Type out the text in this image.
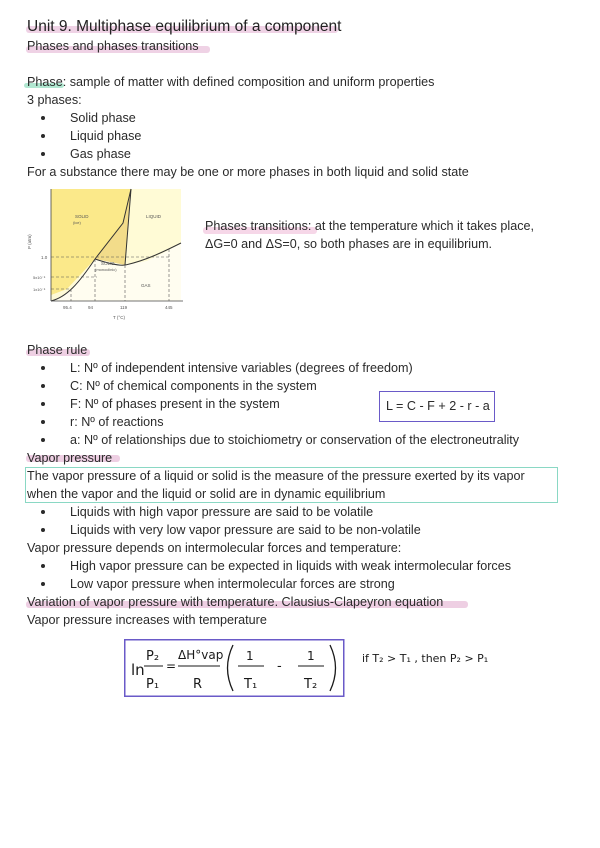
Unit 9. Multiphase equilibrium of a component
Phases and phases transitions
Phase: sample of matter with defined composition and uniform properties
3 phases:
Solid phase
Liquid phase
Gas phase
For a substance there may be one or more phases in both liquid and solid state
SOLID
(ice)
LIQUID
SOLID
(monoclinic)
GAS
P (atm)
T (°C)
1.0
5x10⁻⁵
1x10⁻⁵
95.4	94	119	445
Phases transitions: at the temperature which it takes place,
ΔG=0 and ΔS=0, so both phases are in equilibrium.
Phase rule
L: Nº of independent intensive variables (degrees of freedom)
C: Nº of chemical components in the system
F: Nº of phases present in the system
r: Nº of reactions
a: Nº of relationships due to stoichiometry or conservation of the electroneutrality
L = C - F + 2 - r - a
Vapor pressure
The vapor pressure of a liquid or solid is the measure of the pressure exerted by its vapor
when the vapor and the liquid or solid are in dynamic equilibrium
Liquids with high vapor pressure are said to be volatile
Liquids with very low vapor pressure are said to be non-volatile
Vapor pressure depends on intermolecular forces and temperature:
High vapor pressure can be expected in liquids with weak intermolecular forces
Low vapor pressure when intermolecular forces are strong
Variation of vapor pressure with temperature. Clausius-Clapeyron equation
Vapor pressure increases with temperature
ln
P₂
P₁
=
ΔH°vap
R
1
T₁
-
1
T₂
if T₂ > T₁ , then P₂ > P₁
